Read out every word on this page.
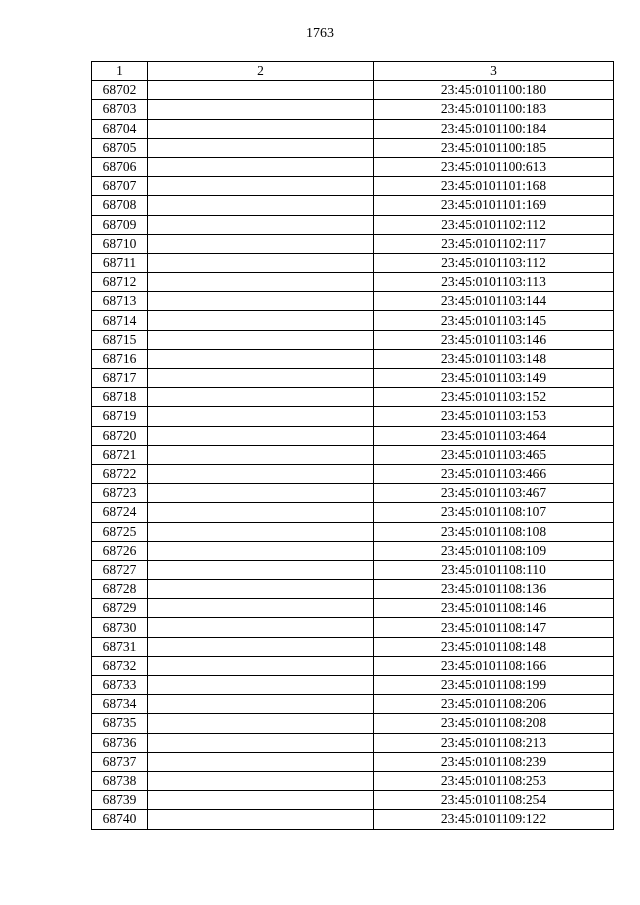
1763
1	2	3
68702		23:45:0101100:180
68703		23:45:0101100:183
68704		23:45:0101100:184
68705		23:45:0101100:185
68706		23:45:0101100:613
68707		23:45:0101101:168
68708		23:45:0101101:169
68709		23:45:0101102:112
68710		23:45:0101102:117
68711		23:45:0101103:112
68712		23:45:0101103:113
68713		23:45:0101103:144
68714		23:45:0101103:145
68715		23:45:0101103:146
68716		23:45:0101103:148
68717		23:45:0101103:149
68718		23:45:0101103:152
68719		23:45:0101103:153
68720		23:45:0101103:464
68721		23:45:0101103:465
68722		23:45:0101103:466
68723		23:45:0101103:467
68724		23:45:0101108:107
68725		23:45:0101108:108
68726		23:45:0101108:109
68727		23:45:0101108:110
68728		23:45:0101108:136
68729		23:45:0101108:146
68730		23:45:0101108:147
68731		23:45:0101108:148
68732		23:45:0101108:166
68733		23:45:0101108:199
68734		23:45:0101108:206
68735		23:45:0101108:208
68736		23:45:0101108:213
68737		23:45:0101108:239
68738		23:45:0101108:253
68739		23:45:0101108:254
68740		23:45:0101109:122
